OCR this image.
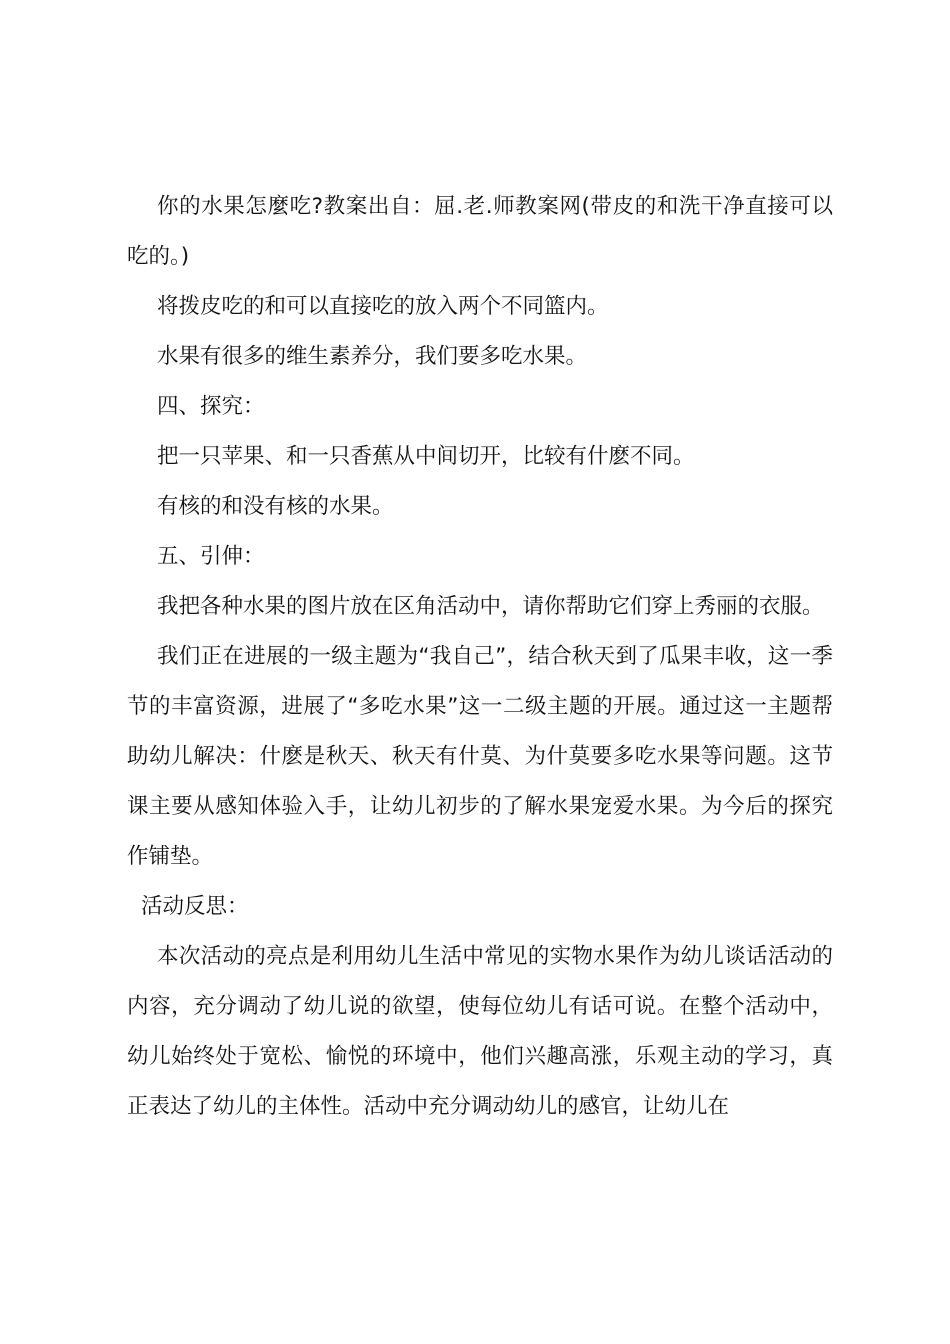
你的水果怎麼吃?教案出自：屈.老.师教案网(带皮的和洗干净直接可以吃的。)

将拨皮吃的和可以直接吃的放入两个不同篮内。

水果有很多的维生素养分，我们要多吃水果。

四、探究：

把一只苹果、和一只香蕉从中间切开，比较有什麽不同。

有核的和没有核的水果。

五、引伸：

我把各种水果的图片放在区角活动中，请你帮助它们穿上秀丽的衣服。

我们正在进展的一级主题为“我自己”，结合秋天到了瓜果丰收，这一季节的丰富资源，进展了“多吃水果”这一二级主题的开展。通过这一主题帮助幼儿解决：什麽是秋天、秋天有什莫、为什莫要多吃水果等问题。这节课主要从感知体验入手，让幼儿初步的了解水果宠爱水果。为今后的探究作铺垫。

活动反思：

本次活动的亮点是利用幼儿生活中常见的实物水果作为幼儿谈话活动的内容，充分调动了幼儿说的欲望，使每位幼儿有话可说。在整个活动中，幼儿始终处于宽松、愉悦的环境中，他们兴趣高涨，乐观主动的学习，真正表达了幼儿的主体性。活动中充分调动幼儿的感官，让幼儿在
